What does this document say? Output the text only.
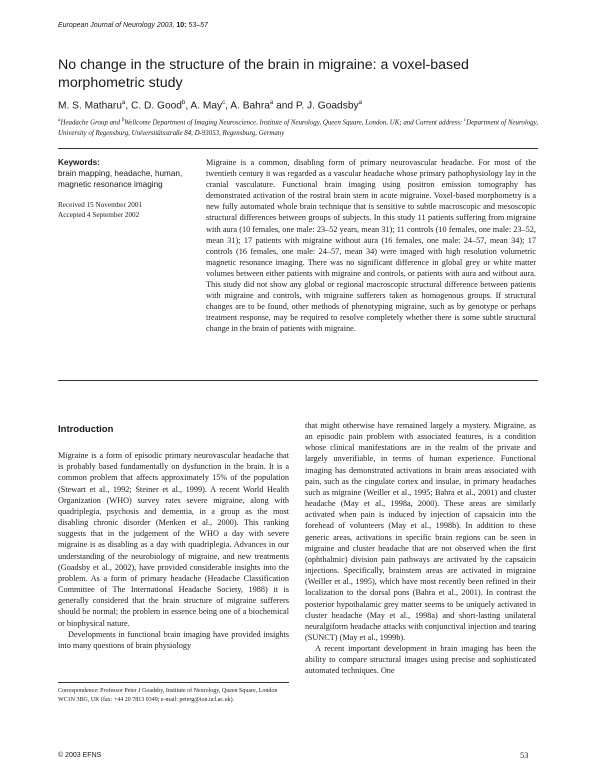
European Journal of Neurology 2003, 10: 53–57
No change in the structure of the brain in migraine: a voxel-based morphometric study
M. S. Matharu$^a$, C. D. Good$^b$, A. May$^c$, A. Bahra$^a$ and P. J. Goadsby$^a$
$^a$Headache Group and $^b$Wellcome Department of Imaging Neuroscience, Institute of Neurology, Queen Square, London, UK; and Current address: $^c$Department of Neurology, University of Regensburg, Universitätsstraße 84, D-93053, Regensburg, Germany
Keywords:
brain mapping, headache, human, magnetic resonance imaging
Received 15 November 2001
Accepted 4 September 2002
Migraine is a common, disabling form of primary neurovascular headache. For most of the twentieth century it was regarded as a vascular headache whose primary pathophysiology lay in the cranial vasculature. Functional brain imaging using positron emission tomography has demonstrated activation of the rostral brain stem in acute migraine. Voxel-based morphometry is a new fully automated whole brain technique that is sensitive to subtle macroscopic and mesoscopic structural differences between groups of subjects. In this study 11 patients suffering from migraine with aura (10 females, one male: 23–52 years, mean 31); 11 controls (10 females, one male: 23–52, mean 31); 17 patients with migraine without aura (16 females, one male: 24–57, mean 34); 17 controls (16 females, one male: 24–57, mean 34) were imaged with high resolution volumetric magnetic resonance imaging. There was no significant difference in global grey or white matter volumes between either patients with migraine and controls, or patients with aura and without aura. This study did not show any global or regional macroscopic structural difference between patients with migraine and controls, with migraine sufferers taken as homogenous groups. If structural changes are to be found, other methods of phenotyping migraine, such as by genotype or perhaps treatment response, may be required to resolve completely whether there is some subtle structural change in the brain of patients with migraine.
Introduction

Migraine is a form of episodic primary neurovascular headache that is probably based fundamentally on dysfunction in the brain. It is a common problem that affects approximately 15% of the population (Stewart et al., 1992; Steiner et al., 1999). A recent World Health Organization (WHO) survey rates severe migraine, along with quadriplegia, psychosis and dementia, in a group as the most disabling chronic disorder (Menken et al., 2000). This ranking suggests that in the judgement of the WHO a day with severe migraine is as disabling as a day with quadriplegia. Advances in our understanding of the neurobiology of migraine, and new treatments (Goadsby et al., 2002), have provided considerable insights into the problem. As a form of primary headache (Headache Classification Committee of The International Headache Society, 1988) it is generally considered that the brain structure of migraine sufferers should be normal; the problem in essence being one of a biochemical or biophysical nature.

Developments in functional brain imaging have provided insights into many questions of brain physiology

that might otherwise have remained largely a mystery. Migraine, as an episodic pain problem with associated features, is a condition whose clinical manifestations are in the realm of the private and largely unverifiable, in terms of human experience. Functional imaging has demonstrated activations in brain areas associated with pain, such as the cingulate cortex and insulae, in primary headaches such as migraine (Weiller et al., 1995; Bahra et al., 2001) and cluster headache (May et al., 1998a, 2000). These areas are similarly activated when pain is induced by injection of capsaicin into the forehead of volunteers (May et al., 1998b). In addition to these generic areas, activations in specific brain regions can be seen in migraine and cluster headache that are not observed when the first (ophthalmic) division pain pathways are activated by the capsaicin injections. Specifically, brainstem areas are activated in migraine (Weiller et al., 1995), which have most recently been refined in their localization to the dorsal pons (Bahra et al., 2001). In contrast the posterior hypothalamic grey matter seems to be uniquely activated in cluster headache (May et al., 1998a) and short-lasting unilateral neuralgiform headache attacks with conjunctival injection and tearing (SUNCT) (May et al., 1999b).

A recent important development in brain imaging has been the ability to compare structural images using precise and sophisticated automated techniques. One

Correspondence: Professor Peter J Goadsby, Institute of Neurology, Queen Square, London WC1N 3BG, UK (fax: +44 20 7813 0349; e-mail: peterg@ion.ucl.ac.uk).
© 2003 EFNS	53
